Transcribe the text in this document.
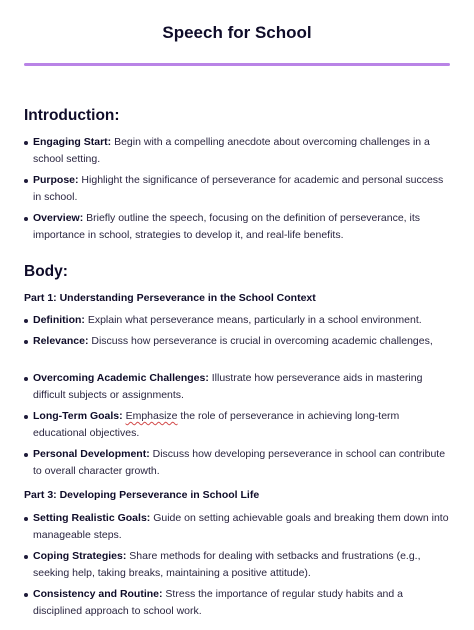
Speech for School
Introduction:
Engaging Start: Begin with a compelling anecdote about overcoming challenges in a school setting.
Purpose: Highlight the significance of perseverance for academic and personal success in school.
Overview: Briefly outline the speech, focusing on the definition of perseverance, its importance in school, strategies to develop it, and real-life benefits.
Body:
Part 1: Understanding Perseverance in the School Context
Definition: Explain what perseverance means, particularly in a school environment.
Relevance: Discuss how perseverance is crucial in overcoming academic challenges,
Overcoming Academic Challenges: Illustrate how perseverance aids in mastering difficult subjects or assignments.
Long-Term Goals: Emphasize the role of perseverance in achieving long-term educational objectives.
Personal Development: Discuss how developing perseverance in school can contribute to overall character growth.
Part 3: Developing Perseverance in School Life
Setting Realistic Goals: Guide on setting achievable goals and breaking them down into manageable steps.
Coping Strategies: Share methods for dealing with setbacks and frustrations (e.g., seeking help, taking breaks, maintaining a positive attitude).
Consistency and Routine: Stress the importance of regular study habits and a disciplined approach to school work.
